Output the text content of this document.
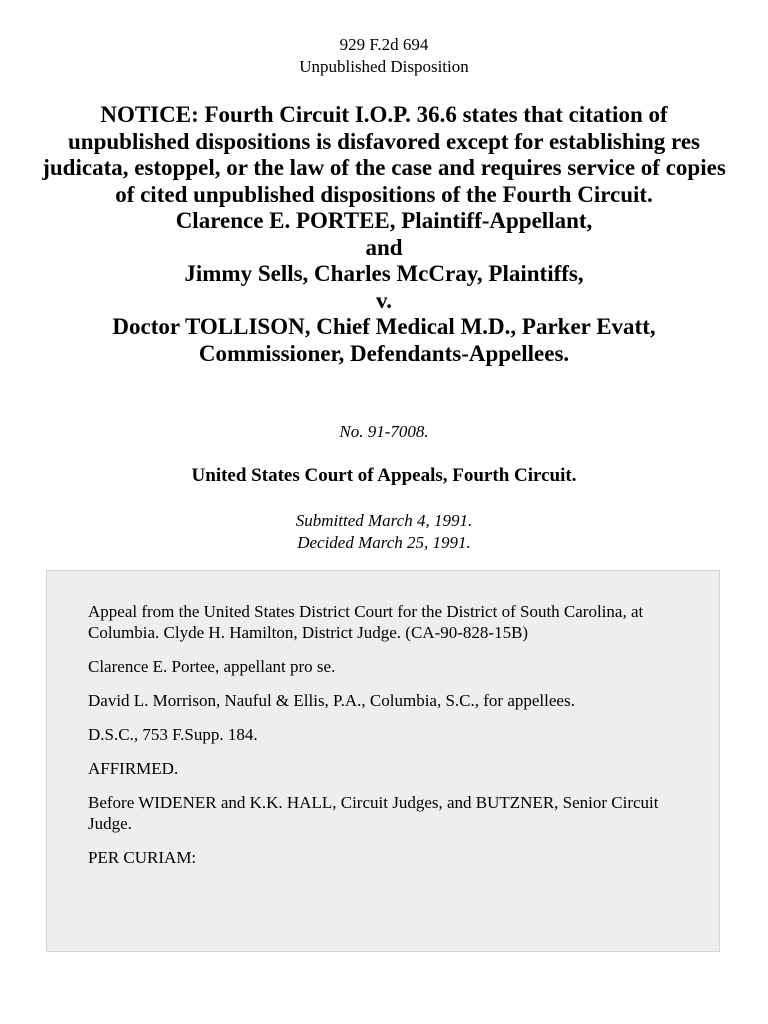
929 F.2d 694
Unpublished Disposition
NOTICE: Fourth Circuit I.O.P. 36.6 states that citation of unpublished dispositions is disfavored except for establishing res judicata, estoppel, or the law of the case and requires service of copies of cited unpublished dispositions of the Fourth Circuit.
Clarence E. PORTEE, Plaintiff-Appellant,
and
Jimmy Sells, Charles McCray, Plaintiffs,
v.
Doctor TOLLISON, Chief Medical M.D., Parker Evatt,
Commissioner, Defendants-Appellees.
No. 91-7008.
United States Court of Appeals, Fourth Circuit.
Submitted March 4, 1991.
Decided March 25, 1991.

Appeal from the United States District Court for the District of South Carolina, at Columbia. Clyde H. Hamilton, District Judge. (CA-90-828-15B)

Clarence E. Portee, appellant pro se.

David L. Morrison, Nauful & Ellis, P.A., Columbia, S.C., for appellees.

D.S.C., 753 F.Supp. 184.

AFFIRMED.

Before WIDENER and K.K. HALL, Circuit Judges, and BUTZNER, Senior Circuit Judge.

PER CURIAM:
